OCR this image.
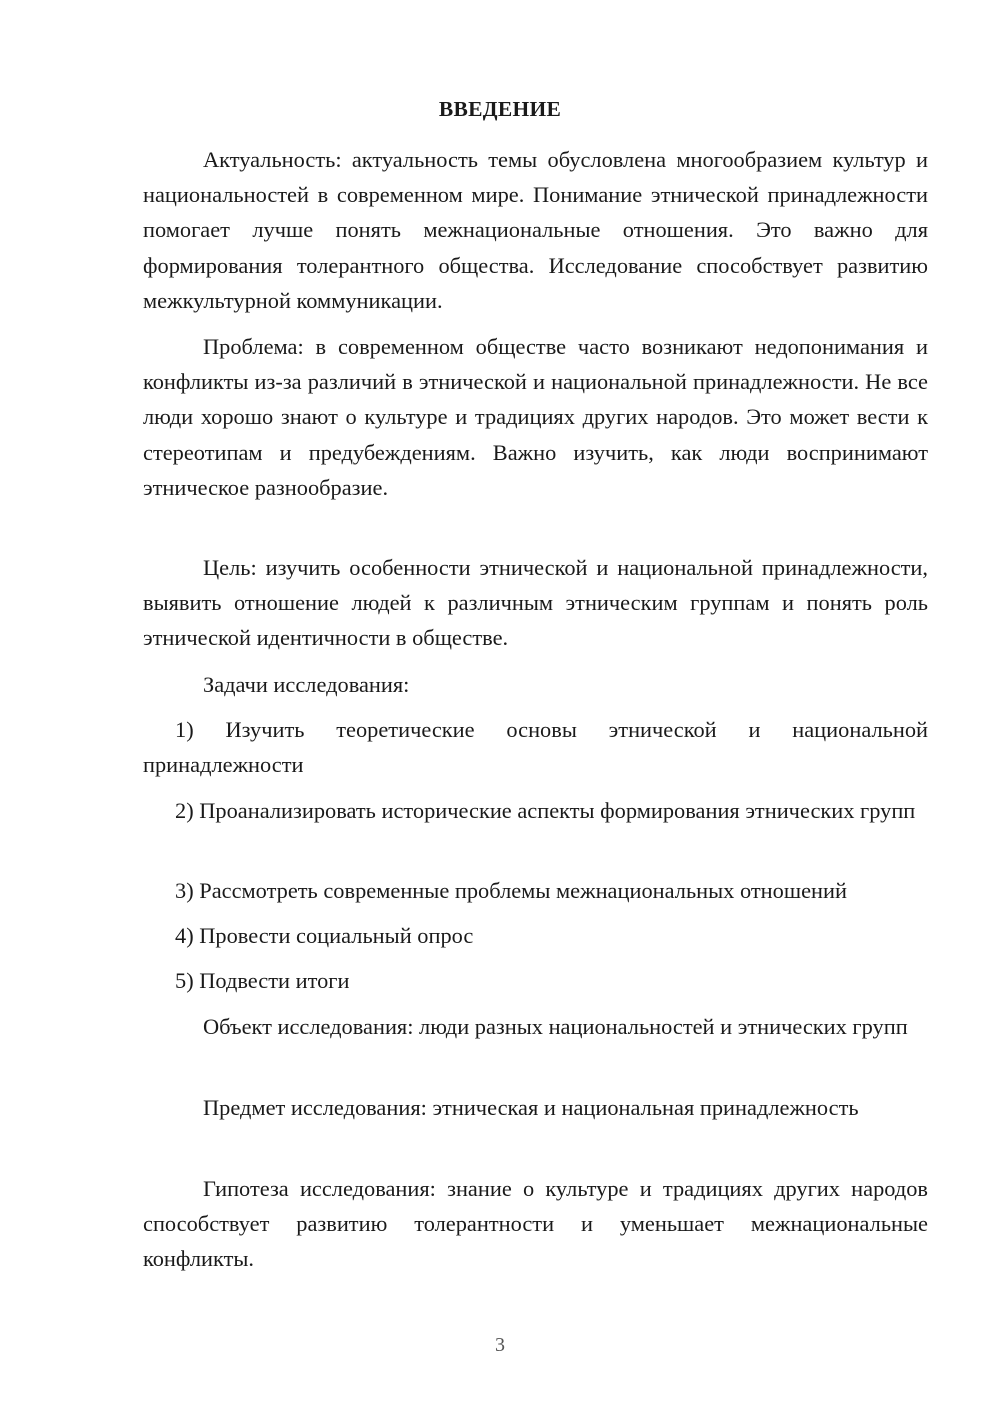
ВВЕДЕНИЕ

Актуальность: актуальность темы обусловлена многообразием культур и национальностей в современном мире. Понимание этнической принадлежности помогает лучше понять межнациональные отношения. Это важно для формирования толерантного общества. Исследование способствует развитию межкультурной коммуникации.

Проблема: в современном обществе часто возникают недопонимания и конфликты из-за различий в этнической и национальной принадлежности. Не все люди хорошо знают о культуре и традициях других народов. Это может вести к стереотипам и предубеждениям. Важно изучить, как люди воспринимают этническое разнообразие.

Цель: изучить особенности этнической и национальной принадлежности, выявить отношение людей к различным этническим группам и понять роль этнической идентичности в обществе.

Задачи исследования:

1) Изучить теоретические основы этнической и национальной принадлежности

2) Проанализировать исторические аспекты формирования этнических групп

3) Рассмотреть современные проблемы межнациональных отношений

4) Провести социальный опрос

5) Подвести итоги

Объект исследования: люди разных национальностей и этнических групп

Предмет исследования: этническая и национальная принадлежность

Гипотеза исследования: знание о культуре и традициях других народов способствует развитию толерантности и уменьшает межнациональные конфликты.

3
